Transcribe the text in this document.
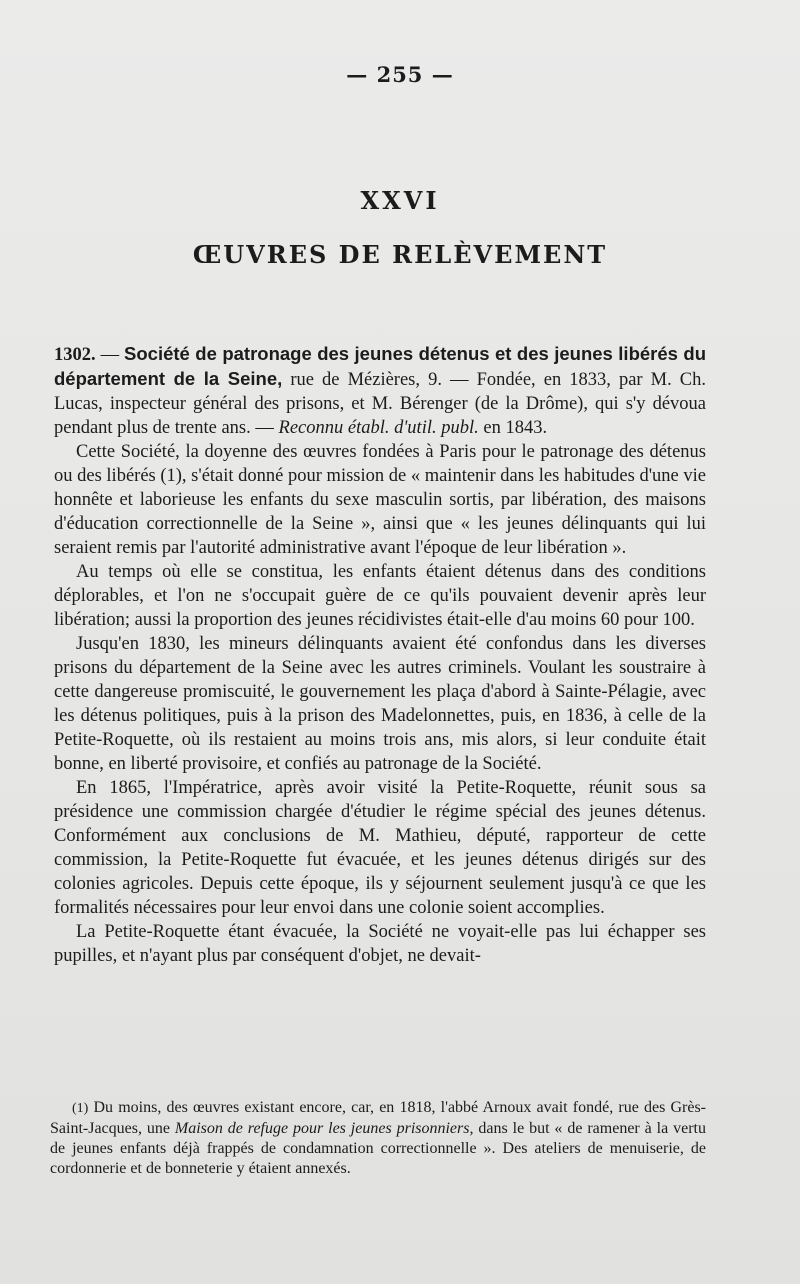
— 255 —
XXVI
ŒUVRES DE RELÈVEMENT

1302. — Société de patronage des jeunes détenus et des jeunes libérés du département de la Seine, rue de Mézières, 9. — Fondée, en 1833, par M. Ch. Lucas, inspecteur général des prisons, et M. Bérenger (de la Drôme), qui s'y dévoua pendant plus de trente ans. — Reconnu établ. d'util. publ. en 1843.

Cette Société, la doyenne des œuvres fondées à Paris pour le patronage des détenus ou des libérés (1), s'était donné pour mission de « maintenir dans les habitudes d'une vie honnête et laborieuse les enfants du sexe masculin sortis, par libération, des maisons d'éducation correctionnelle de la Seine », ainsi que « les jeunes délinquants qui lui seraient remis par l'autorité administrative avant l'époque de leur libération ».

Au temps où elle se constitua, les enfants étaient détenus dans des conditions déplorables, et l'on ne s'occupait guère de ce qu'ils pouvaient devenir après leur libération; aussi la proportion des jeunes récidivistes était-elle d'au moins 60 pour 100.

Jusqu'en 1830, les mineurs délinquants avaient été confondus dans les diverses prisons du département de la Seine avec les autres criminels. Voulant les soustraire à cette dangereuse promiscuité, le gouvernement les plaça d'abord à Sainte-Pélagie, avec les détenus politiques, puis à la prison des Madelonnettes, puis, en 1836, à celle de la Petite-Roquette, où ils restaient au moins trois ans, mis alors, si leur conduite était bonne, en liberté provisoire, et confiés au patronage de la Société.

En 1865, l'Impératrice, après avoir visité la Petite-Roquette, réunit sous sa présidence une commission chargée d'étudier le régime spécial des jeunes détenus. Conformément aux conclusions de M. Mathieu, député, rapporteur de cette commission, la Petite-Roquette fut évacuée, et les jeunes détenus dirigés sur des colonies agricoles. Depuis cette époque, ils y séjournent seulement jusqu'à ce que les formalités nécessaires pour leur envoi dans une colonie soient accomplies.

La Petite-Roquette étant évacuée, la Société ne voyait-elle pas lui échapper ses pupilles, et n'ayant plus par conséquent d'objet, ne devait-

(1) Du moins, des œuvres existant encore, car, en 1818, l'abbé Arnoux avait fondé, rue des Grès-Saint-Jacques, une Maison de refuge pour les jeunes prisonniers, dans le but « de ramener à la vertu de jeunes enfants déjà frappés de condamnation correctionnelle ». Des ateliers de menuiserie, de cordonnerie et de bonneterie y étaient annexés.
